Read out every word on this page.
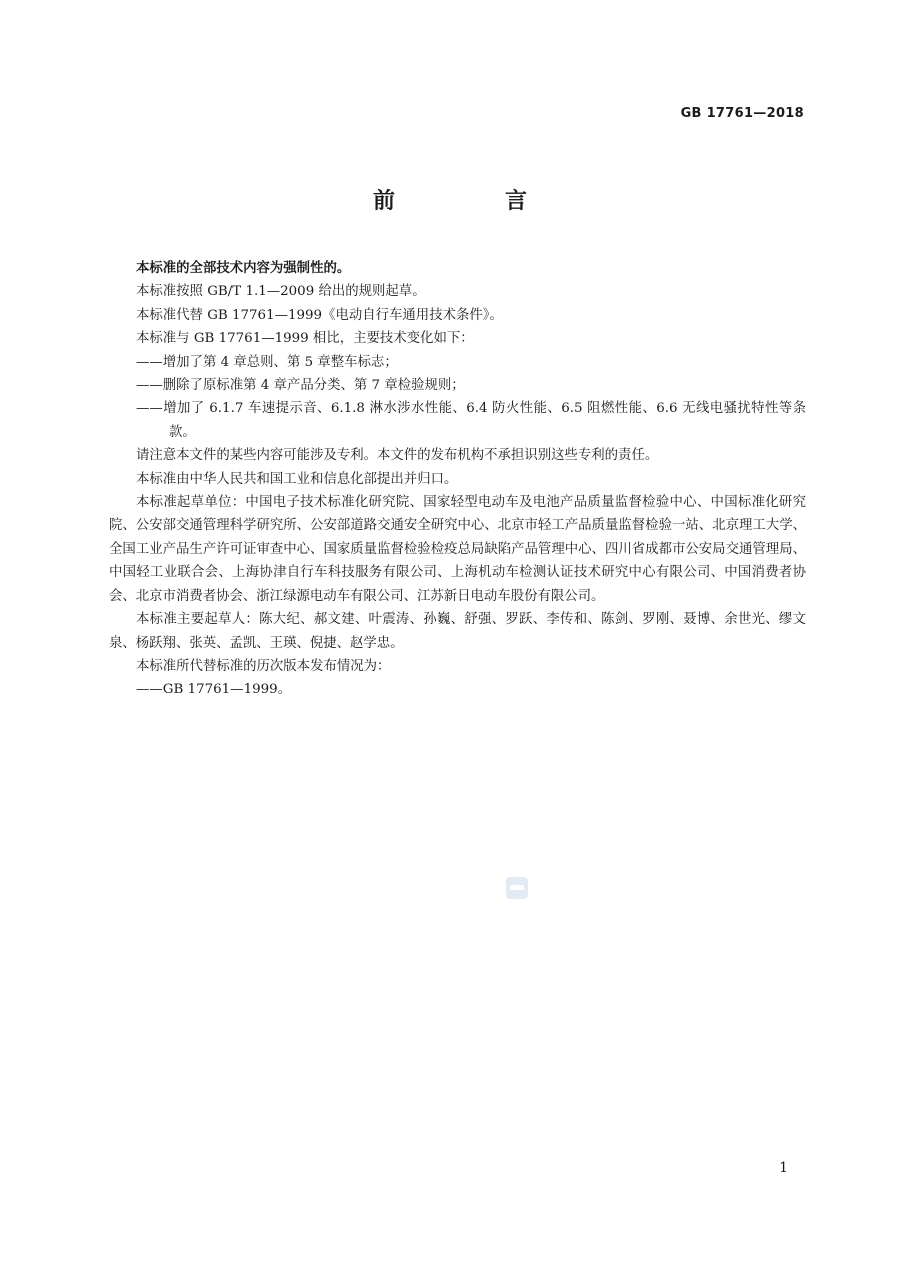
GB 17761—2018
前　言

本标准的全部技术内容为强制性的。

本标准按照 GB/T 1.1—2009 给出的规则起草。

本标准代替 GB 17761—1999《电动自行车通用技术条件》。

本标准与 GB 17761—1999 相比，主要技术变化如下：

——增加了第 4 章总则、第 5 章整车标志；

——删除了原标准第 4 章产品分类、第 7 章检验规则；

——增加了 6.1.7 车速提示音、6.1.8 淋水涉水性能、6.4 防火性能、6.5 阻燃性能、6.6 无线电骚扰特性等条款。

请注意本文件的某些内容可能涉及专利。本文件的发布机构不承担识别这些专利的责任。

本标准由中华人民共和国工业和信息化部提出并归口。

本标准起草单位：中国电子技术标准化研究院、国家轻型电动车及电池产品质量监督检验中心、中国标准化研究院、公安部交通管理科学研究所、公安部道路交通安全研究中心、北京市轻工产品质量监督检验一站、北京理工大学、全国工业产品生产许可证审查中心、国家质量监督检验检疫总局缺陷产品管理中心、四川省成都市公安局交通管理局、中国轻工业联合会、上海协津自行车科技服务有限公司、上海机动车检测认证技术研究中心有限公司、中国消费者协会、北京市消费者协会、浙江绿源电动车有限公司、江苏新日电动车股份有限公司。

本标准主要起草人：陈大纪、郝文建、叶震涛、孙巍、舒强、罗跃、李传和、陈剑、罗刚、聂博、余世光、缪文泉、杨跃翔、张英、孟凯、王瑛、倪捷、赵学忠。

本标准所代替标准的历次版本发布情况为：

——GB 17761—1999。

1
